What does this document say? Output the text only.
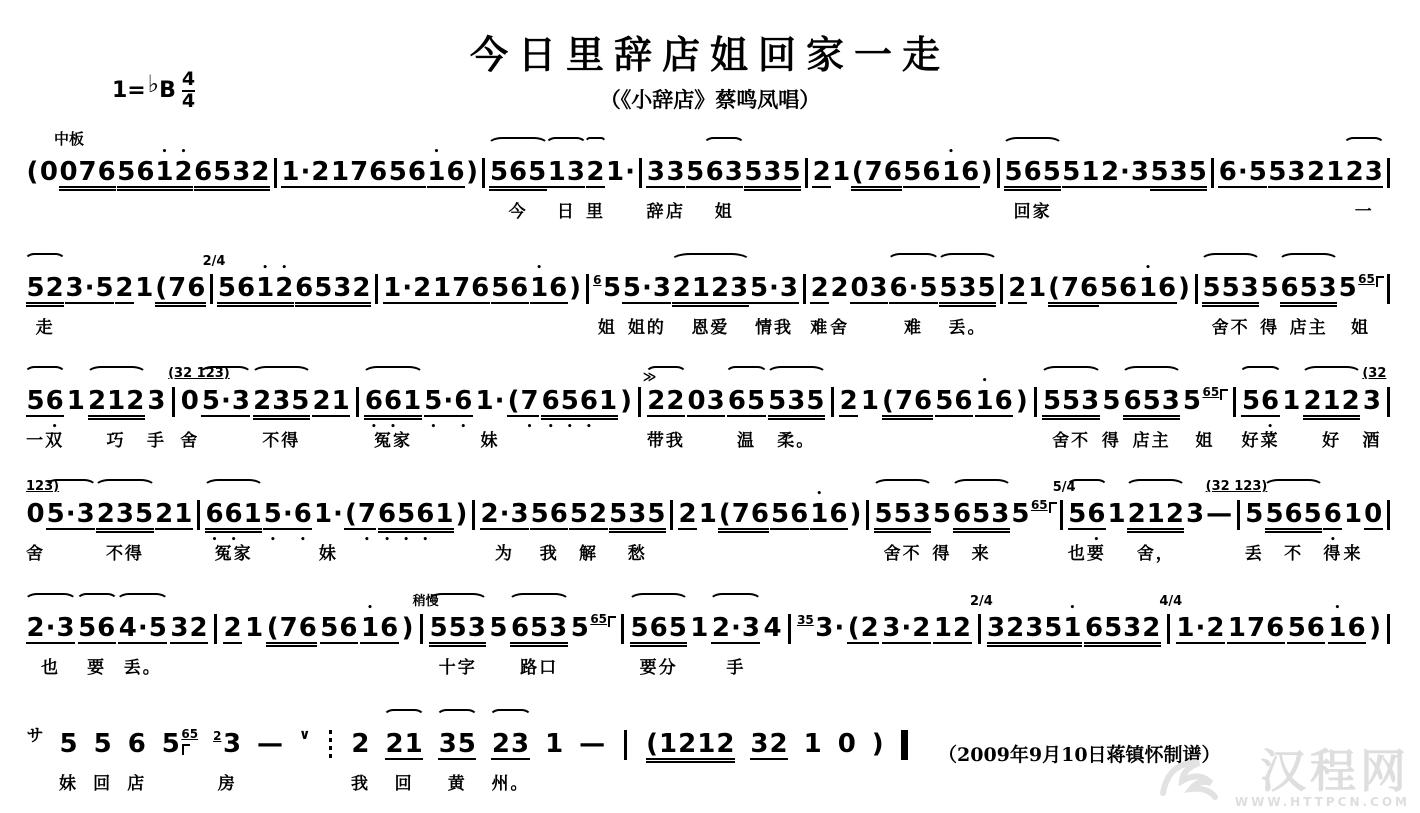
今日里辞店姐回家一走
（《小辞店》蔡鸣凤唱）
1= ♭ B $\frac{4}{4}$
中板
(
0
0 7 6
5 6 • 1 • 2
6 5 3 2

1 · 2
1 7 6
5 6
• 1 6
)

5 6 5
今
1 3
日
2
里
1 ·

3
辞
3
店
5
6 3
姐
5 3 5

2
1
( 7 6
5 6
• 1 6
)

5 6 5
回家
5 1
2 · 3
5 3 5

6 · 5
5 3
2 1
2 3
一

5 2
走
3 · 5
2
1
( 7 6

2/4

5 6 • 1 • 2
6 5 3 2

1 · 2
1 7 6
5 6
• 1 6
)

6 5
姐
5 · 3
姐的
2 1 2 3
恩爱
5 · 3
情我

2
难
2
舍
0 3
6 · 5
难
5 3 5
丢。

2
1
( 7 6
5 6
• 1 6
)

5 5 3
舍不
5
得
6 5 3
店主
5 65
姐

5 6 •
一双
1
2 1 2
巧
3
手
(32 123)

0
舍
5 · 3
2 3 5
不得
2 1

6 • 6 • 1
冤家
5 • · 6 •
1 ·
妹
( 7 •
6 • 5 • 6 • 1
)

≫
2 2
带我
0 3
6 5
温
5 3 5
柔。

2
1
( 7 6
5 6
• 1 6
)

5 5 3
舍不
5
得
6 5 3
店主
5 65
姐

5 6 •
好菜
1
2 1 2
好
(32
3
酒

123)
0
舍
5 · 3
2 3 5
不得
2 1

6 • 6 • 1
冤家
5 • · 6 •
1 ·
妹
( 7 •
6 • 5 • 6 • 1
)

2 · 3
为
5 6
我
5 2
解
5 3 5
愁

2
1
( 7 6
5 6
• 1 6
)

5 5 3
舍不
5
得
6 5 3
来
5 65

5/4

5 6 •
也要
1
2 1 2
舍，
3

(32 123)
—

5
丢
5 6 5
不
6 •
得
1
来
0

2 · 3
也
5 6
要
4 · 5
丢。
3 2

2
1
( 7 6
5 6
• 1 6
)

稍慢

5 5 3
十字
5
6 5 3
路口
5 65

5 6 5
要分
1
2 · 3
手
4

35 3 ·
( 2
3 · 2
1 2

2/4

3 2 3 5 • 1
6 5 3 2

4/4

1 · 2
1 7 6
5 6
• 1 6
)

サ
5
妹
5
回
6
店
5 65
2 3
房
—
∨

2
我
2 1
回
3 5
黄
2 3
州。
1
—

( 1 2 1 2
3 2
1
0
)

	（2009年9月10日蒋镇怀制谱） 汉程网
WWW.HTTPCN.COM
